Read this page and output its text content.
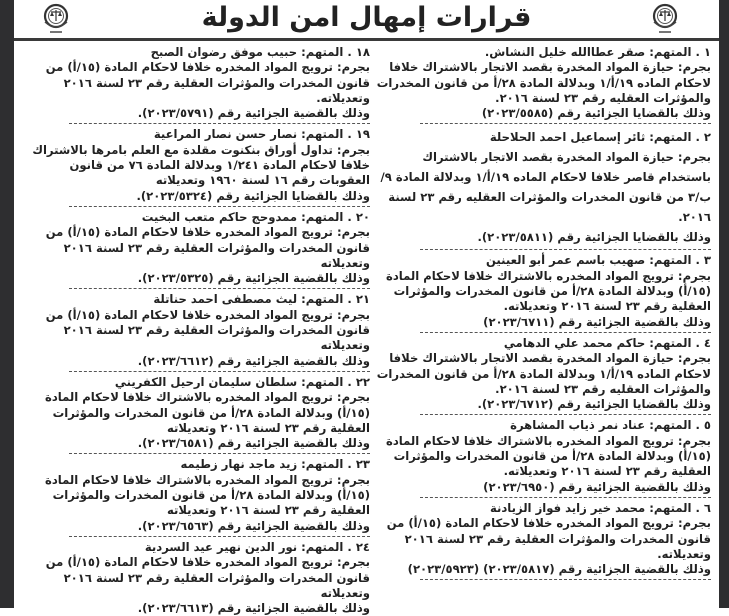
قرارات إمهال امن الدولة
١ . المتهم: صقر عطاالله خليل النشاش.
بجرم: حيازة المواد المخدرة بقصد الاتجار بالاشتراك خلافا لاحكام الماده ١٩/أ/١ وبدلالة المادة ٢٨/أ من قانون المخدرات والمؤثرات العقليه رقم ٢٣ لسنة ٢٠١٦.
وذلك بالقضايا الجزائية رقم (٢٠٢٣/٥٥٨٥)
٢ . المتهم: ثائر إسماعيل احمد الحلاحلة
بجرم: حيازة المواد المخدرة بقصد الاتجار بالاشتراك باستخدام قاصر خلافا لاحكام الماده ١٩/أ/١ وبدلالة المادة ٩/ب/٣ من قانون المخدرات والمؤثرات العقليه رقم ٢٣ لسنة ٢٠١٦.
وذلك بالقضايا الجزائية رقم (٢٠٢٣/٥٨١١).
٣ . المتهم: صهيب باسم عمر أبو العينين
بجرم: ترويج المواد المخدره بالاشتراك خلافا لاحكام المادة (١٥/أ) وبدلالة المادة ٢٨/أ من قانون المخدرات والمؤثرات العقلية رقم ٢٣ لسنة ٢٠١٦ وتعديلاته.
وذلك بالقضية الجزائية رقم (٢٠٢٣/٦٧١١)
٤ . المتهم: حاكم محمد علي الدهامي
بجرم: حيازة المواد المخدرة بقصد الاتجار بالاشتراك خلافا لاحكام الماده ١٩/أ/١ وبدلالة المادة ٢٨/أ من قانون المخدرات والمؤثرات العقليه رقم ٢٣ لسنة ٢٠١٦.
وذلك بالقضايا الجزائية رقم (٢٠٢٣/٦٧١٢).
٥ . المتهم: عناد نمر ذياب المشاهرة
بجرم: ترويج المواد المخدره بالاشتراك خلافا لاحكام المادة (١٥/أ) وبدلالة المادة ٢٨/أ من قانون المخدرات والمؤثرات العقلية رقم ٢٣ لسنة ٢٠١٦ وتعديلاته.
وذلك بالقضية الجزائية رقم (٢٠٢٣/٦٩٥٠)
٦ . المتهم: محمد خير زايد فواز الزيادنة
بجرم: ترويج المواد المخدره خلافا لاحكام المادة (١٥/أ) من قانون المخدرات والمؤثرات العقلية رقم ٢٣ لسنة ٢٠١٦ وتعديلاته.
وذلك بالقضية الجزائية رقم (٢٠٢٣/٥٨١٧) (٢٠٢٣/٥٩٢٣)
١٨ . المتهم: حبيب موفق رضوان الصبح
بجرم: ترويج المواد المخدره خلافا لاحكام المادة (١٥/أ) من قانون المخدرات والمؤثرات العقلية رقم ٢٣ لسنة ٢٠١٦ وتعديلاته.
وذلك بالقضية الجزائية رقم (٢٠٢٣/٥٧٩١).
١٩ . المتهم: نصار حسن نصار المراعية
بجرم: تداول أوراق بنكنوت مقلدة مع العلم بامرها بالاشتراك خلافا لاحكام المادة ١/٢٤١ وبدلالة المادة ٧٦ من قانون العقوبات رقم ١٦ لسنة ١٩٦٠ وتعديلاته
وذلك بالقضايا الجزائية رقم (٢٠٢٣/٥٣٢٤).
٢٠ . المتهم: ممدوحج حاكم متعب البخيت
بجرم: ترويج المواد المخدره خلافا لاحكام المادة (١٥/أ) من قانون المخدرات والمؤثرات العقلية رقم ٢٣ لسنة ٢٠١٦ وتعديلاته
وذلك بالقضية الجزائية رقم (٢٠٢٣/٥٣٢٥).
٢١ . المتهم: ليث مصطفى احمد حناتلة
بجرم: ترويج المواد المخدره خلافا لاحكام المادة (١٥/أ) من قانون المخدرات والمؤثرات العقلية رقم ٢٣ لسنة ٢٠١٦ وتعديلاته
وذلك بالقضية الجزائية رقم (٢٠٢٣/٦٦١٢).
٢٢ . المتهم: سلطان سليمان ارحيل الكفريني
بجرم: ترويج المواد المخدره بالاشتراك خلافا لاحكام المادة (١٥/أ) وبدلالة المادة ٢٨/أ من قانون المخدرات والمؤثرات العقلية رقم ٢٣ لسنة ٢٠١٦ وتعديلاته
وذلك بالقضية الجزائية رقم (٢٠٢٣/٦٥٨١).
٢٣ . المتهم: زيد ماجد نهار زطيمه
بجرم: ترويج المواد المخدره بالاشتراك خلافا لاحكام المادة (١٥/أ) وبدلالة المادة ٢٨/أ من قانون المخدرات والمؤثرات العقلية رقم ٢٣ لسنة ٢٠١٦ وتعديلاته
وذلك بالقضية الجزائية رقم (٢٠٢٣/٦٥٦٣).
٢٤ . المتهم: نور الدين نهير عيد السردية
بجرم: ترويج المواد المخدره خلافا لاحكام المادة (١٥/أ) من قانون المخدرات والمؤثرات العقلية رقم ٢٣ لسنة ٢٠١٦ وتعديلاته
وذلك بالقضية الجزائية رقم (٢٠٢٣/٦٦١٣).
